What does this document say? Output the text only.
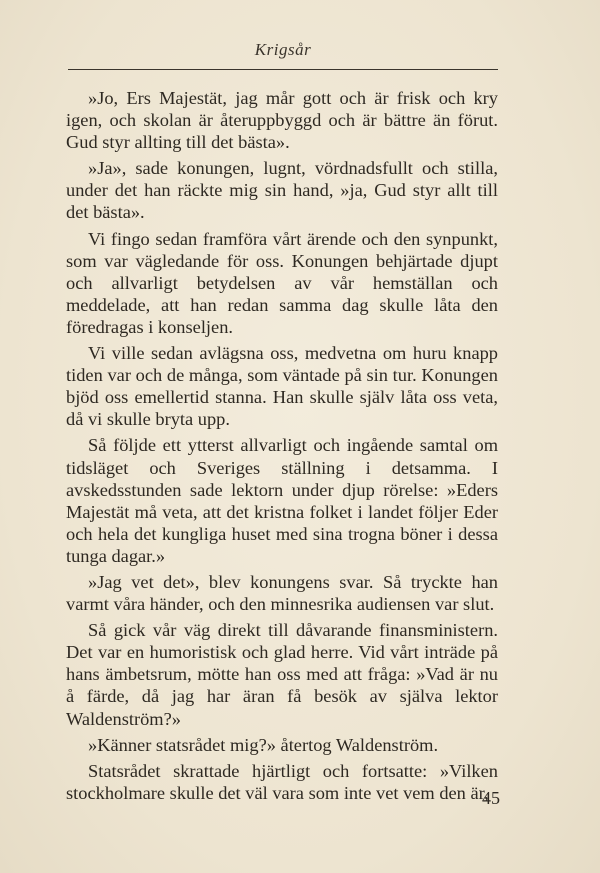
Krigsår

»Jo, Ers Majestät, jag mår gott och är frisk och kry igen, och skolan är återuppbyggd och är bättre än förut. Gud styr allting till det bästa».

»Ja», sade konungen, lugnt, vördnadsfullt och stilla, under det han räckte mig sin hand, »ja, Gud styr allt till det bästa».

Vi fingo sedan framföra vårt ärende och den synpunkt, som var vägledande för oss. Konungen behjärtade djupt och allvarligt betydelsen av vår hemställan och meddelade, att han redan samma dag skulle låta den föredragas i konseljen.

Vi ville sedan avlägsna oss, medvetna om huru knapp tiden var och de många, som väntade på sin tur. Konungen bjöd oss emellertid stanna. Han skulle själv låta oss veta, då vi skulle bryta upp.

Så följde ett ytterst allvarligt och ingående samtal om tidsläget och Sveriges ställning i detsamma. I avskedsstunden sade lektorn under djup rörelse: »Eders Majestät må veta, att det kristna folket i landet följer Eder och hela det kungliga huset med sina trogna böner i dessa tunga dagar.»

»Jag vet det», blev konungens svar. Så tryckte han varmt våra händer, och den minnesrika audiensen var slut.

Så gick vår väg direkt till dåvarande finansministern. Det var en humoristisk och glad herre. Vid vårt inträde på hans ämbetsrum, mötte han oss med att fråga: »Vad är nu å färde, då jag har äran få besök av själva lektor Waldenström?»

»Känner statsrådet mig?» återtog Waldenström.

Statsrådet skrattade hjärtligt och fortsatte: »Vilken stockholmare skulle det väl vara som inte vet vem den är,

45
